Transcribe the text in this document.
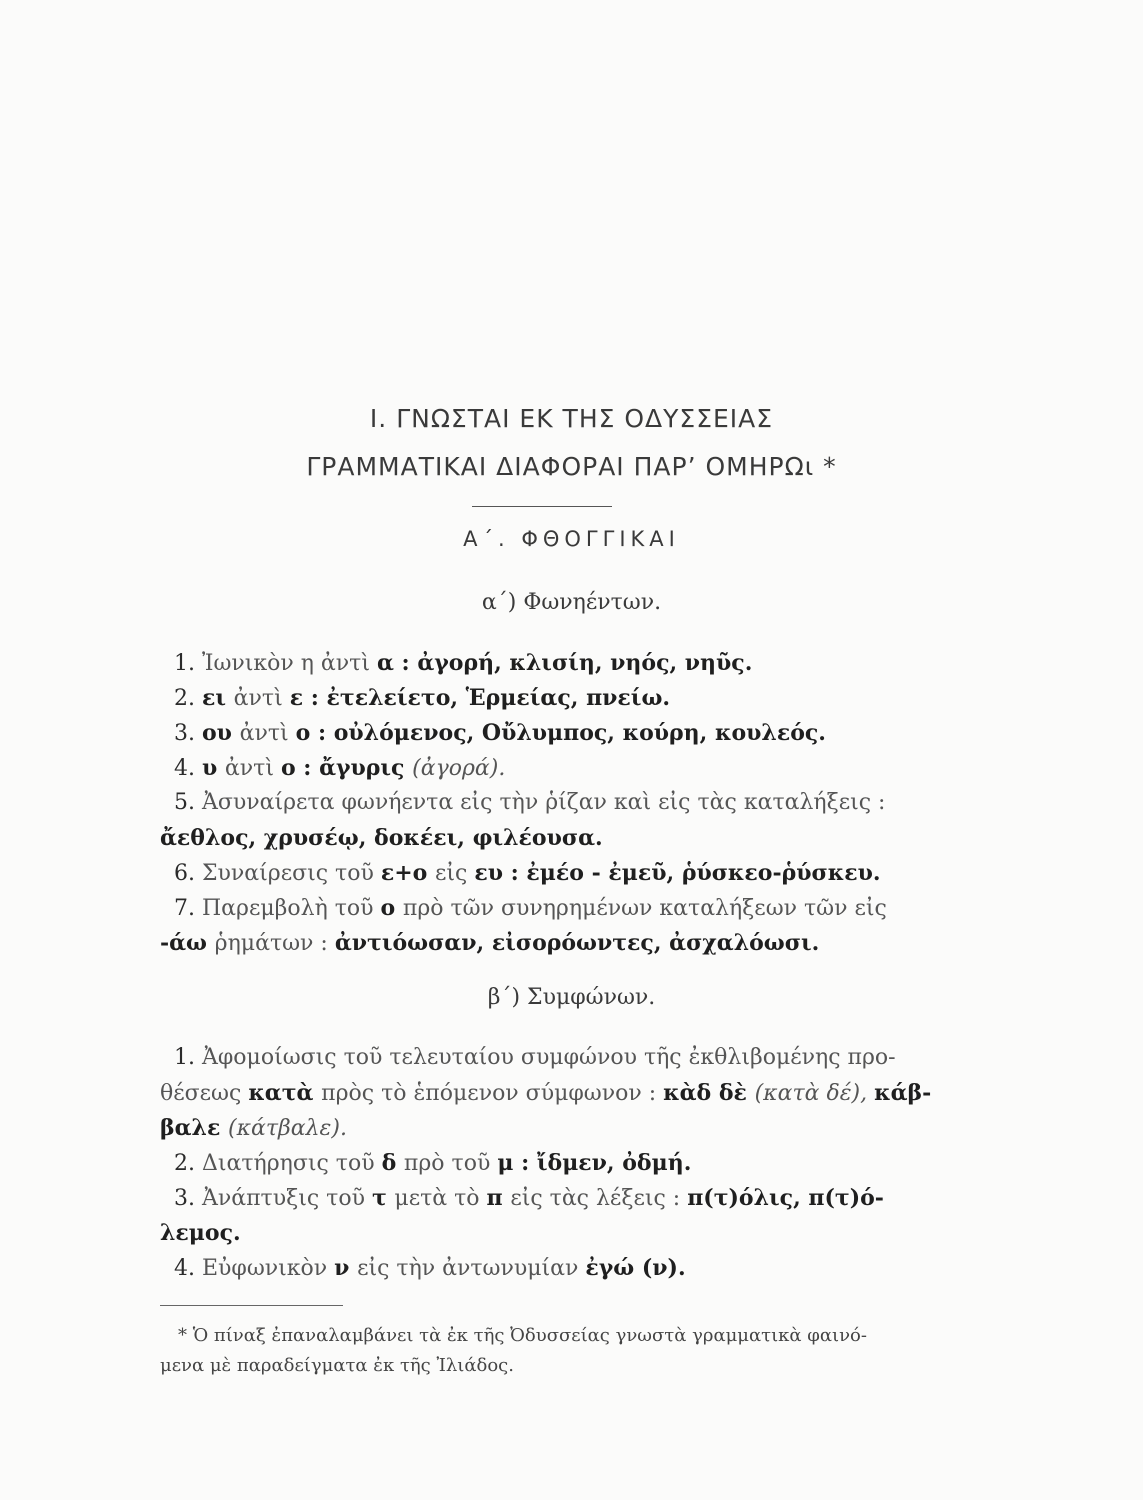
I. ΓΝΩΣΤΑΙ ΕΚ ΤΗΣ ΟΔΥΣΣΕΙΑΣ
ΓΡΑΜΜΑΤΙΚΑΙ ΔΙΑΦΟΡΑΙ ΠΑΡ’ ΟΜΗΡΩι *
Α΄. ΦΘΟΓΓΙΚΑΙ
α΄) Φωνηέντων.
1. Ἰωνικὸν η ἀντὶ α : ἀγορή, κλισίη, νηός, νηῦς.
2. ει ἀντὶ ε : ἐτελείετο, Ἑρμείας, πνείω.
3. ου ἀντὶ ο : οὐλόμενος, Οὔλυμπος, κούρη, κουλεός.
4. υ ἀντὶ ο : ἄγυρις (ἀγορά).
5. Ἀσυναίρετα φωνήεντα εἰς τὴν ῥίζαν καὶ εἰς τὰς καταλήξεις :
ἄεθλος, χρυσέῳ, δοκέει, φιλέουσα.
6. Συναίρεσις τοῦ ε+ο εἰς ευ : ἐμέο - ἐμεῦ, ῥύσκεο-ῥύσκευ.
7. Παρεμβολὴ τοῦ ο πρὸ τῶν συνηρημένων καταλήξεων τῶν εἰς
-άω ῥημάτων : ἀντιόωσαν, εἰσορόωντες, ἀσχαλόωσι.
β΄) Συμφώνων.
1. Ἀφομοίωσις τοῦ τελευταίου συμφώνου τῆς ἐκθλιβομένης προ-
θέσεως κατὰ πρὸς τὸ ἑπόμενον σύμφωνον : κὰδ δὲ (κατὰ δέ), κάβ-
βαλε (κάτβαλε).
2. Διατήρησις τοῦ δ πρὸ τοῦ μ : ἴδμεν, ὀδμή.
3. Ἀνάπτυξις τοῦ τ μετὰ τὸ π εἰς τὰς λέξεις : π(τ)όλις, π(τ)ό-
λεμος.
4. Εὐφωνικὸν ν εἰς τὴν ἀντωνυμίαν ἐγώ (ν).
* Ὁ πίναξ ἐπαναλαμβάνει τὰ ἐκ τῆς Ὀδυσσείας γνωστὰ γραμματικὰ φαινό-
μενα μὲ παραδείγματα ἐκ τῆς Ἰλιάδος.
